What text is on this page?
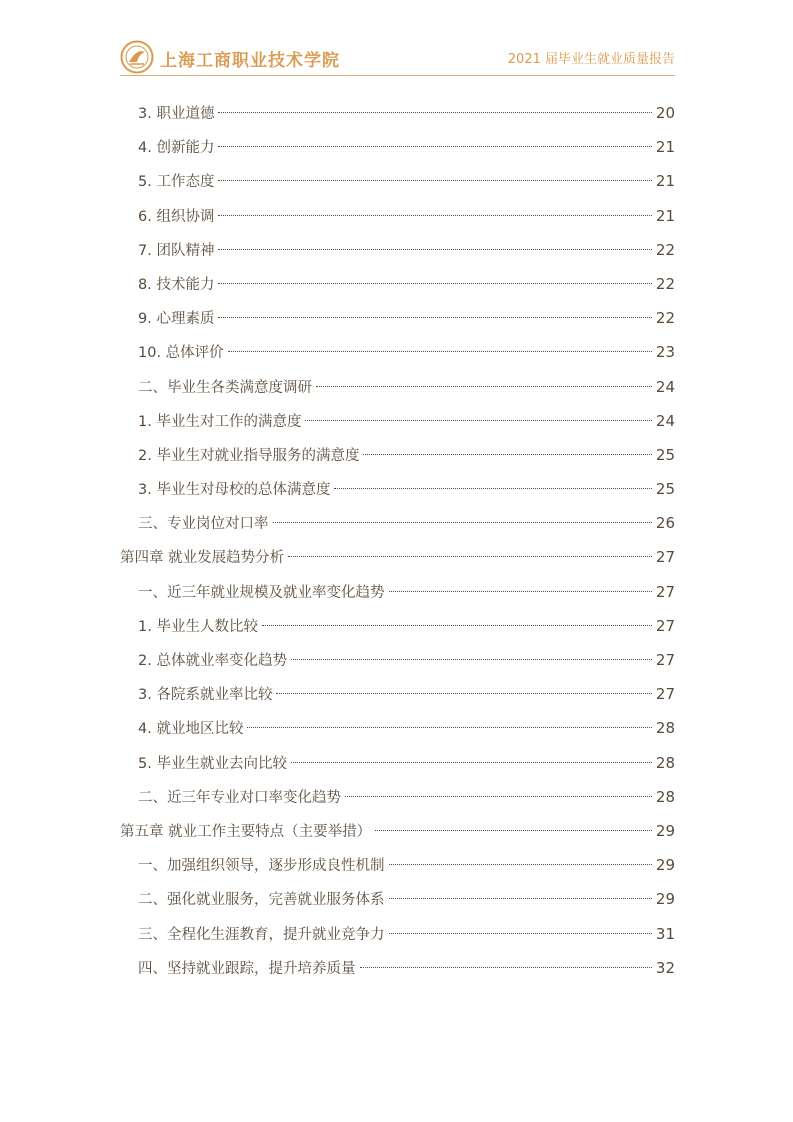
上海工商职业技术学院	2021 届毕业生就业质量报告
3. 职业道德	20
4. 创新能力	21
5. 工作态度	21
6. 组织协调	21
7. 团队精神	22
8. 技术能力	22
9. 心理素质	22
10. 总体评价	23
二、毕业生各类满意度调研	24
1. 毕业生对工作的满意度	24
2. 毕业生对就业指导服务的满意度	25
3. 毕业生对母校的总体满意度	25
三、专业岗位对口率	26
第四章 就业发展趋势分析	27
一、近三年就业规模及就业率变化趋势	27
1. 毕业生人数比较	27
2. 总体就业率变化趋势	27
3. 各院系就业率比较	27
4. 就业地区比较	28
5. 毕业生就业去向比较	28
二、近三年专业对口率变化趋势	28
第五章 就业工作主要特点（主要举措）	29
一、加强组织领导，逐步形成良性机制	29
二、强化就业服务，完善就业服务体系	29
三、全程化生涯教育，提升就业竞争力	31
四、坚持就业跟踪，提升培养质量	32
